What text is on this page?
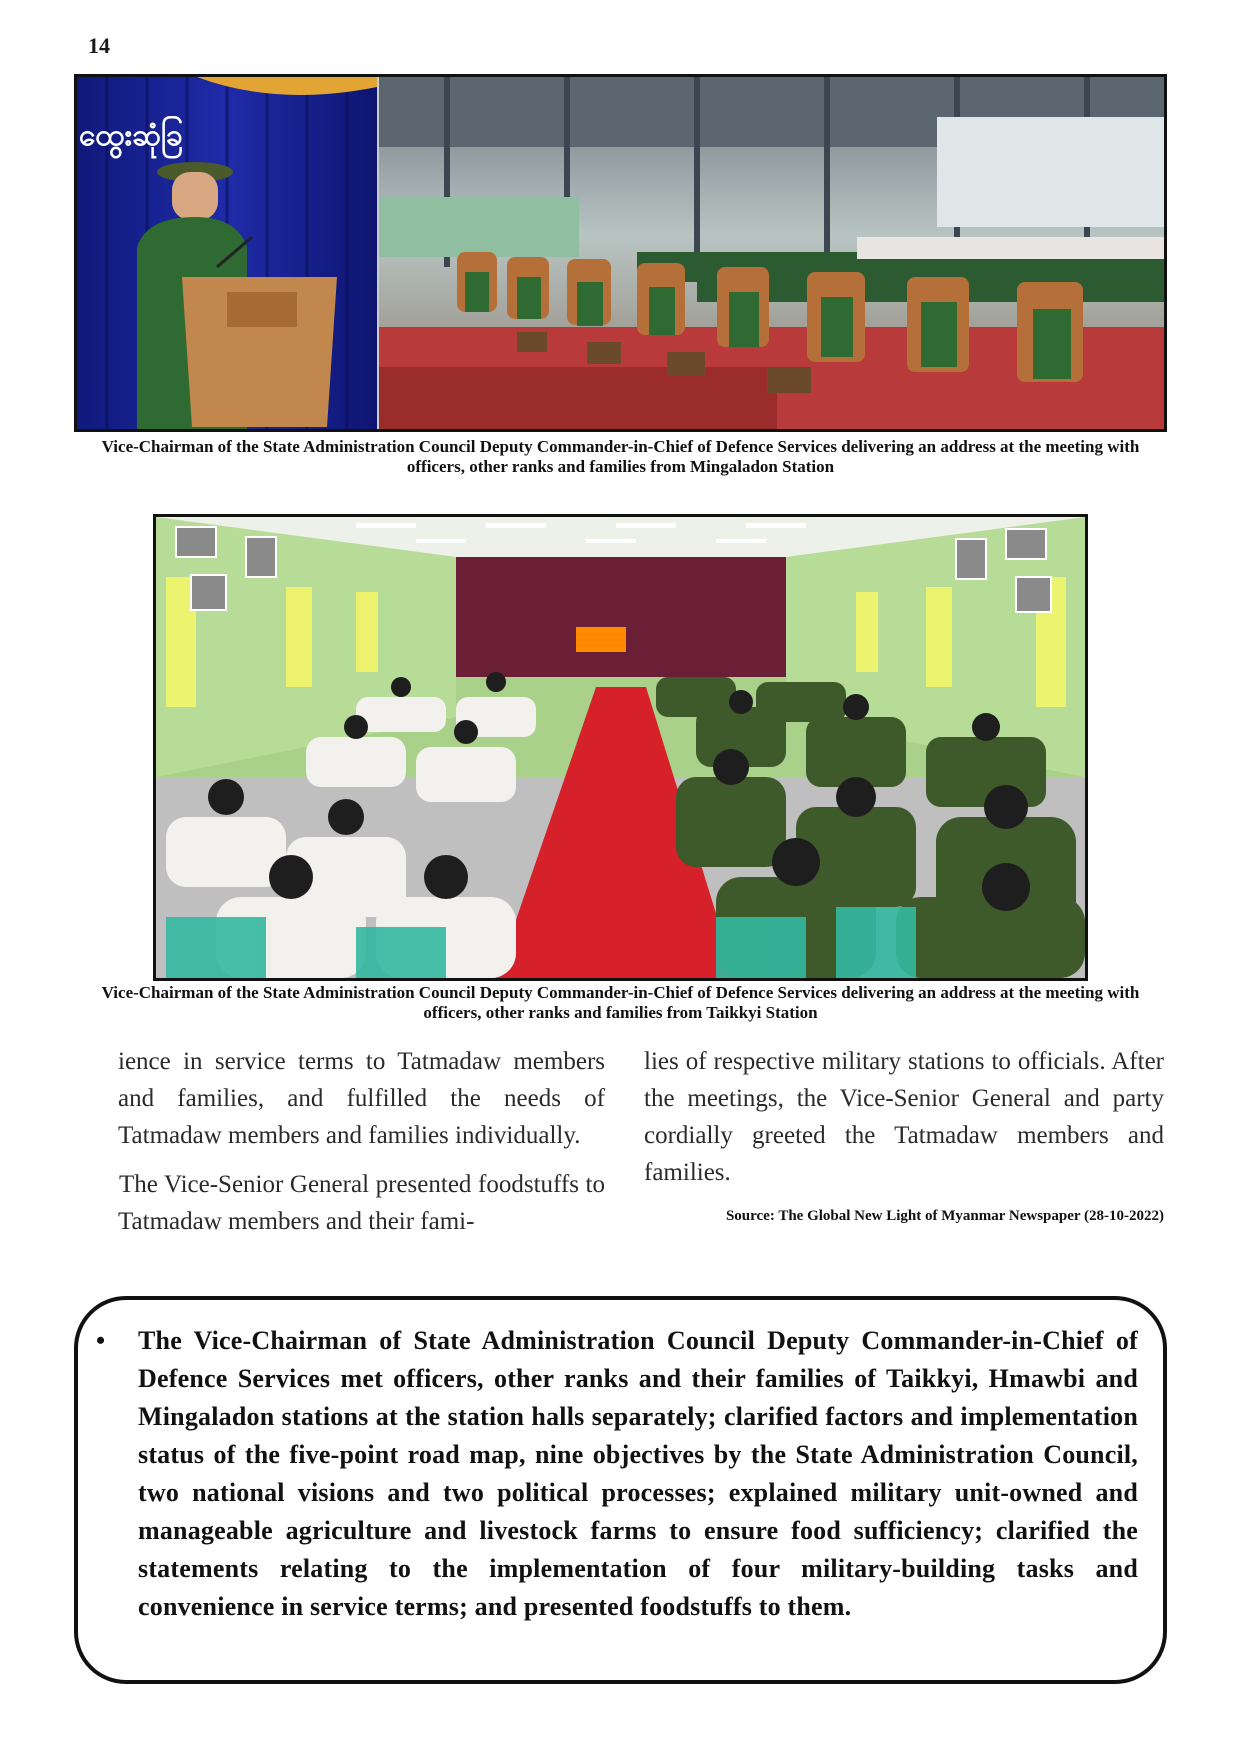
14
ထွေးဆုံခြ
Vice-Chairman of the State Administration Council Deputy Commander-in-Chief of Defence Services delivering an address at the meeting with officers, other ranks and families from Mingaladon Station
Vice-Chairman of the State Administration Council Deputy Commander-in-Chief of Defence Services delivering an address at the meeting with officers, other ranks and families from Taikkyi Station

ience in service terms to Tatmadaw members and families, and fulfilled the needs of Tatmadaw members and families individually.

The Vice-Senior General presented foodstuffs to Tatmadaw members and their fami-

lies of respective military stations to officials. After the meetings, the Vice-Senior General and party cordially greeted the Tatmadaw members and families.

Source: The Global New Light of Myanmar Newspaper (28-10-2022)
• The Vice-Chairman of State Administration Council Deputy Commander-in-Chief of Defence Services met officers, other ranks and their families of Taikkyi, Hmawbi and Mingaladon stations at the station halls separately; clarified factors and implementation status of the five-point road map, nine objectives by the State Administration Council, two national visions and two political processes; explained military unit-owned and manageable agriculture and livestock farms to ensure food sufficiency; clarified the statements relating to the implementation of four military-building tasks and convenience in service terms; and presented foodstuffs to them.
